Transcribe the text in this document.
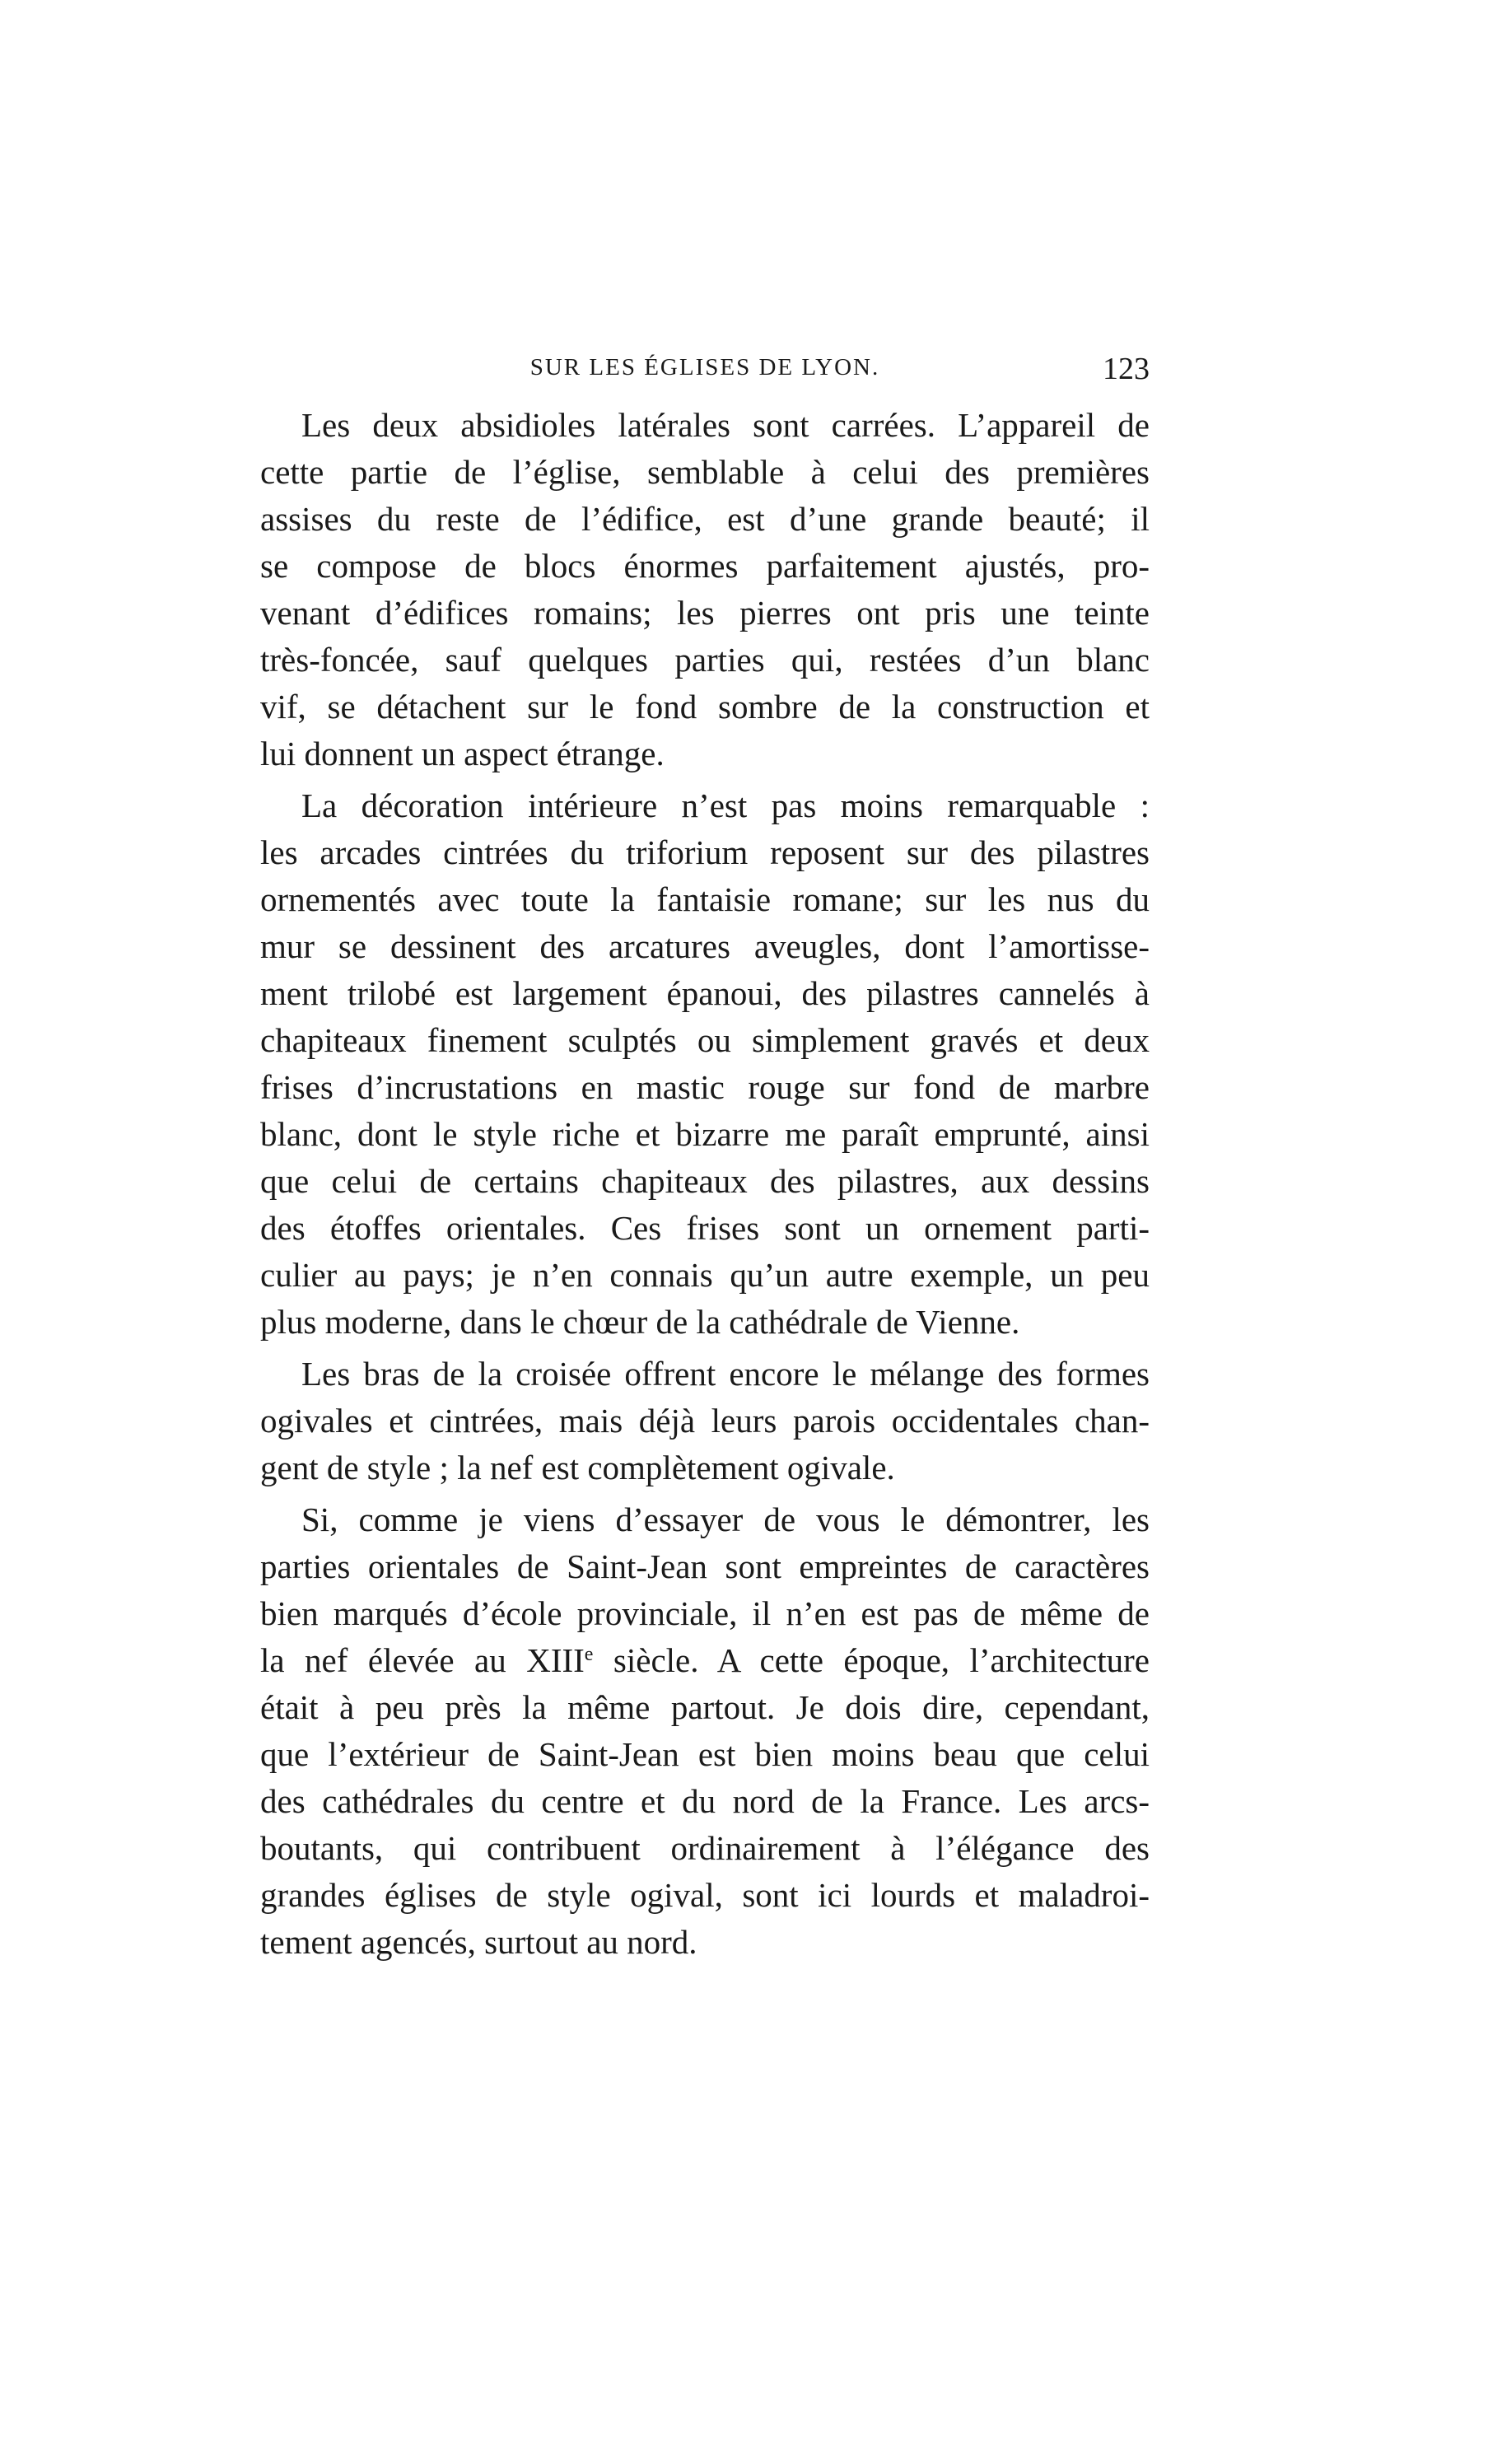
SUR LES ÉGLISES DE LYON.	123
Les deux absidioles latérales sont carrées. L’appareil de
cette partie de l’église, semblable à celui des premières
assises du reste de l’édifice, est d’une grande beauté; il
se compose de blocs énormes parfaitement ajustés, pro-
venant d’édifices romains; les pierres ont pris une teinte
très-foncée, sauf quelques parties qui, restées d’un blanc
vif, se détachent sur le fond sombre de la construction et
lui donnent un aspect étrange.
La décoration intérieure n’est pas moins remarquable :
les arcades cintrées du triforium reposent sur des pilastres
ornementés avec toute la fantaisie romane; sur les nus du
mur se dessinent des arcatures aveugles, dont l’amortisse-
ment trilobé est largement épanoui, des pilastres cannelés à
chapiteaux finement sculptés ou simplement gravés et deux
frises d’incrustations en mastic rouge sur fond de marbre
blanc, dont le style riche et bizarre me paraît emprunté, ainsi
que celui de certains chapiteaux des pilastres, aux dessins
des étoffes orientales. Ces frises sont un ornement parti-
culier au pays; je n’en connais qu’un autre exemple, un peu
plus moderne, dans le chœur de la cathédrale de Vienne.
Les bras de la croisée offrent encore le mélange des formes
ogivales et cintrées, mais déjà leurs parois occidentales chan-
gent de style ; la nef est complètement ogivale.
Si, comme je viens d’essayer de vous le démontrer, les
parties orientales de Saint-Jean sont empreintes de caractères
bien marqués d’école provinciale, il n’en est pas de même de
la nef élevée au XIIIe siècle. A cette époque, l’architecture
était à peu près la même partout. Je dois dire, cependant,
que l’extérieur de Saint-Jean est bien moins beau que celui
des cathédrales du centre et du nord de la France. Les arcs-
boutants, qui contribuent ordinairement à l’élégance des
grandes églises de style ogival, sont ici lourds et maladroi-
tement agencés, surtout au nord.
